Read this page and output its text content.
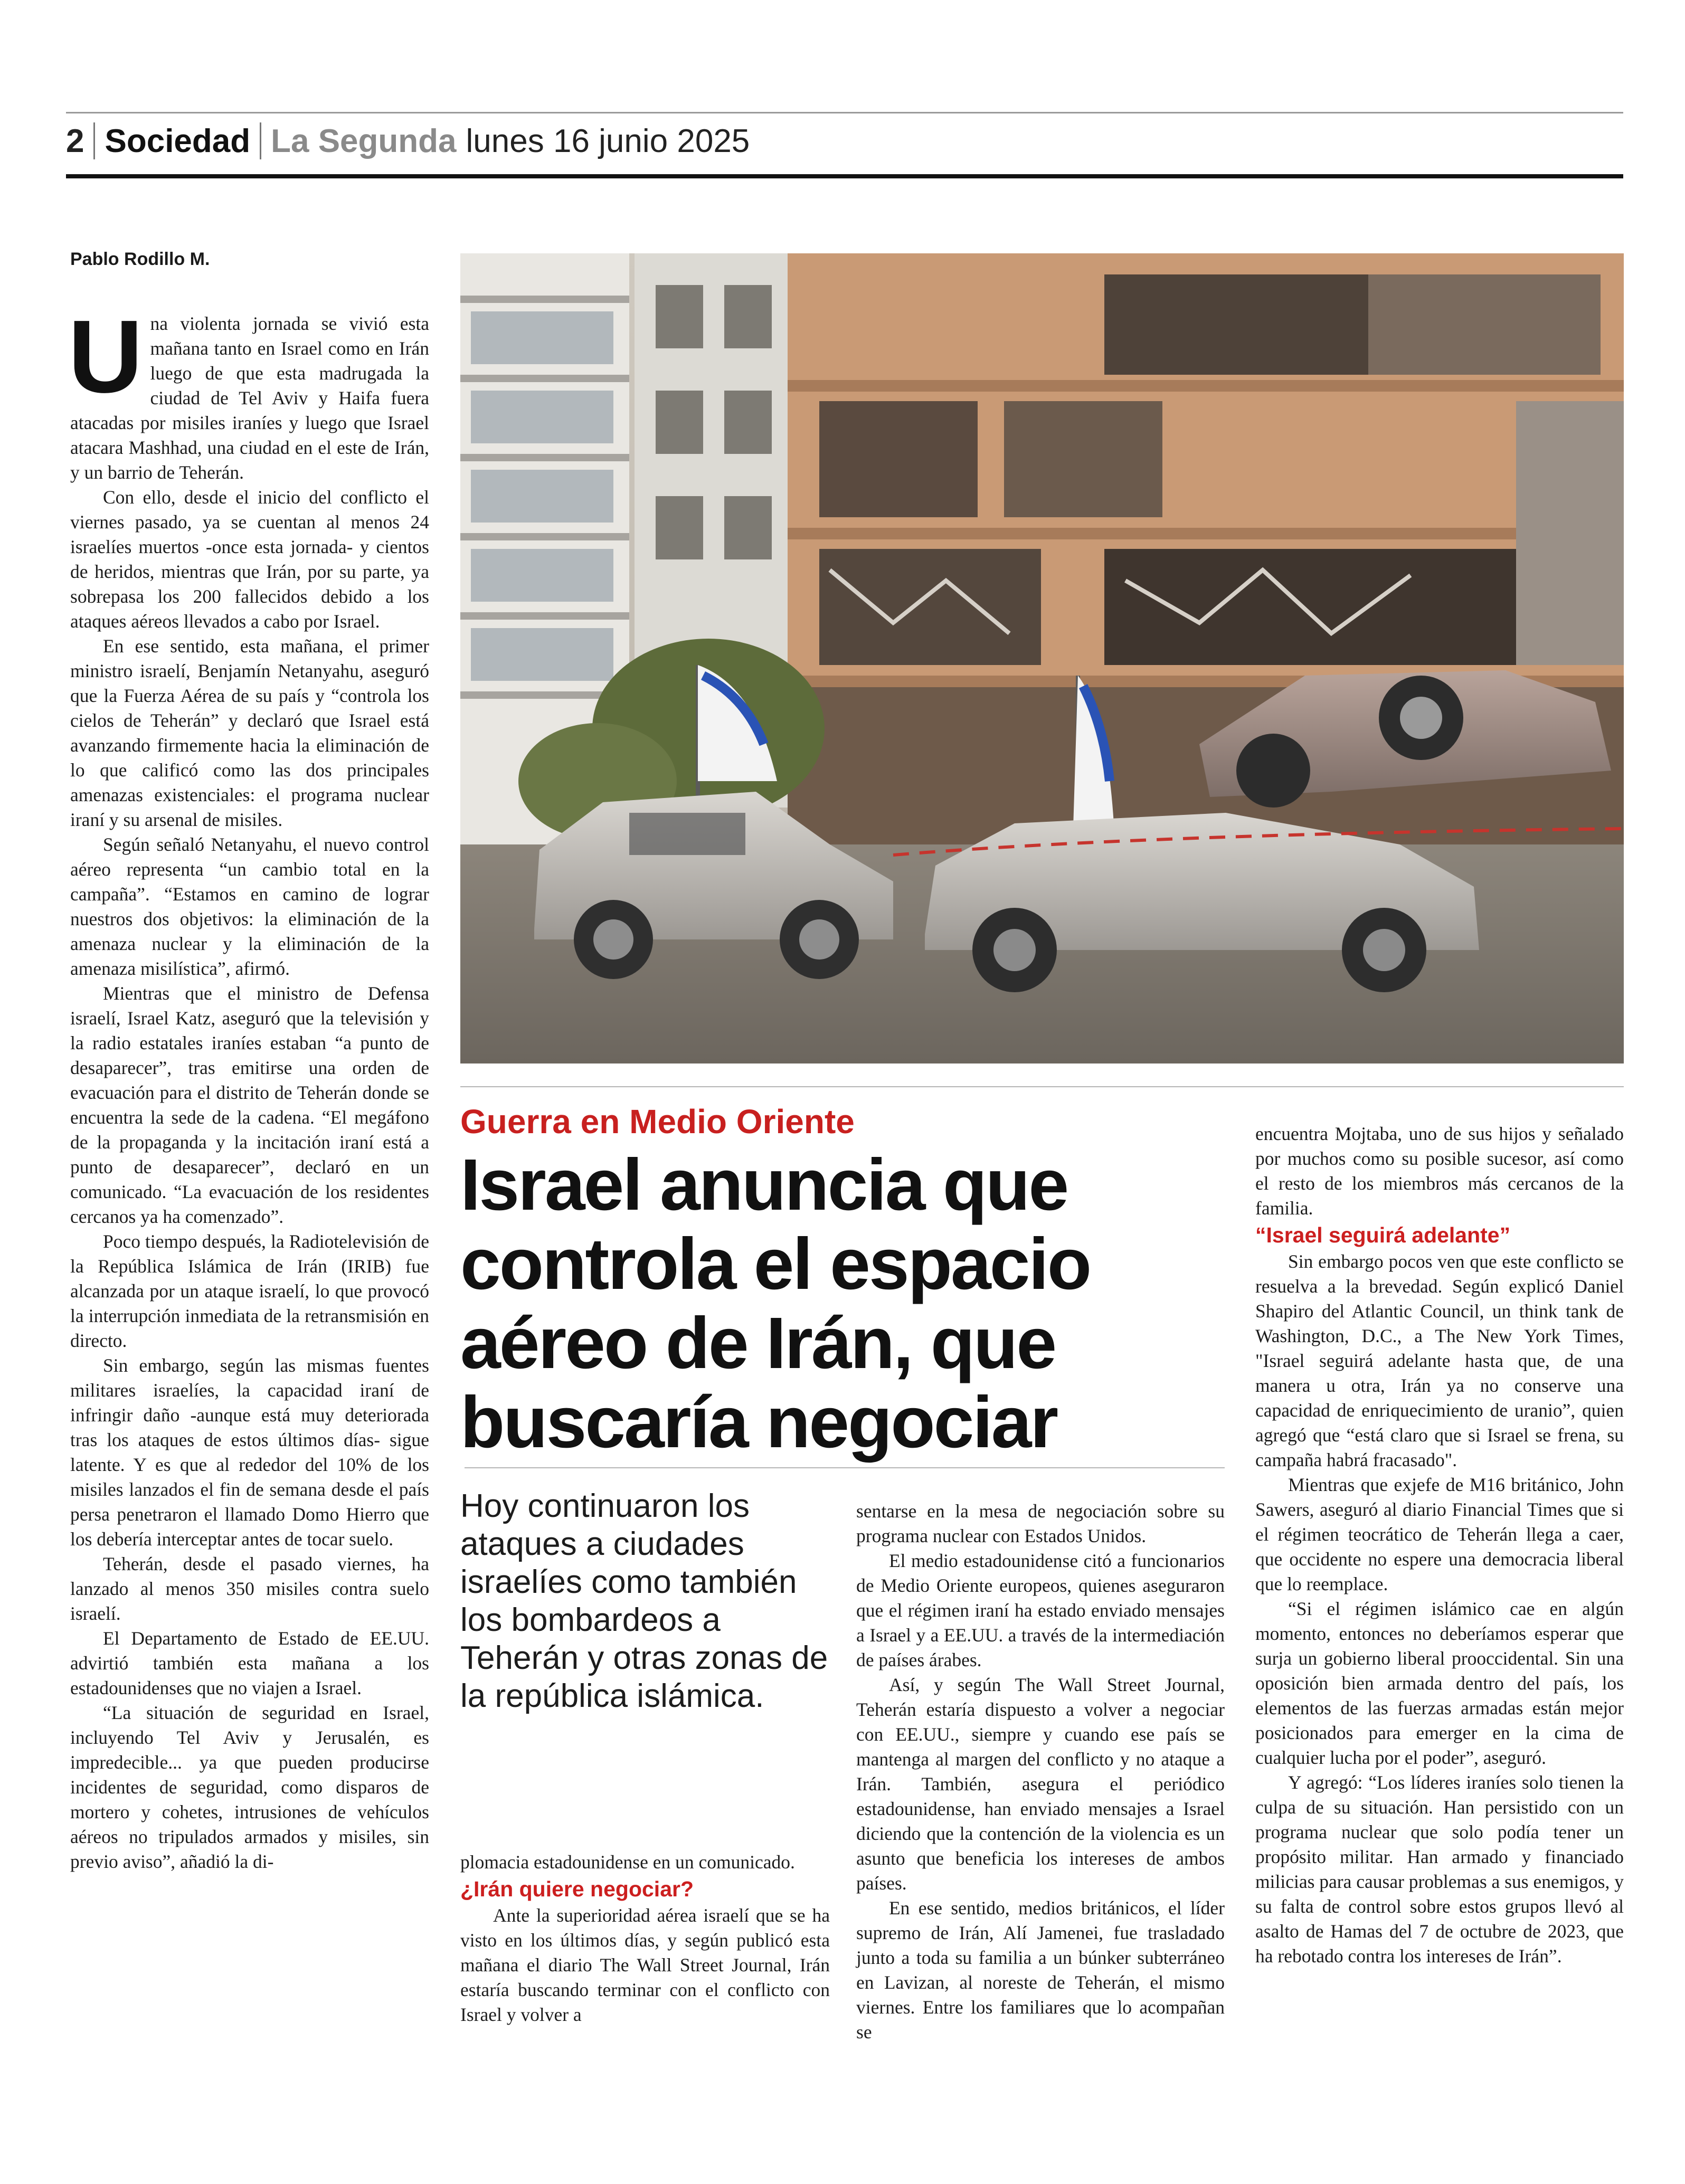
2 Sociedad La Segunda lunes 16 junio 2025
Pablo Rodillo M.

Una violenta jornada se vivió esta mañana tanto en Israel como en Irán luego de que esta madrugada la ciudad de Tel Aviv y Haifa fuera atacadas por misiles iraníes y luego que Israel atacara Mashhad, una ciudad en el este de Irán, y un barrio de Teherán.

Con ello, desde el inicio del conflicto el viernes pasado, ya se cuentan al menos 24 israelíes muertos -once esta jornada- y cientos de heridos, mientras que Irán, por su parte, ya sobrepasa los 200 fallecidos debido a los ataques aéreos llevados a cabo por Israel.

En ese sentido, esta mañana, el primer ministro israelí, Benjamín Netanyahu, aseguró que la Fuerza Aérea de su país y “controla los cielos de Teherán” y declaró que Israel está avanzando firmemente hacia la eliminación de lo que calificó como las dos principales amenazas existenciales: el programa nuclear iraní y su arsenal de misiles.

Según señaló Netanyahu, el nuevo control aéreo representa “un cambio total en la campaña”. “Estamos en camino de lograr nuestros dos objetivos: la eliminación de la amenaza nuclear y la eliminación de la amenaza misilística”, afirmó.

Mientras que el ministro de Defensa israelí, Israel Katz, aseguró que la televisión y la radio estatales iraníes estaban “a punto de desaparecer”, tras emitirse una orden de evacuación para el distrito de Teherán donde se encuentra la sede de la cadena. “El megáfono de la propaganda y la incitación iraní está a punto de desaparecer”, declaró en un comunicado. “La evacuación de los residentes cercanos ya ha comenzado”.

Poco tiempo después, la Radiotelevisión de la República Islámica de Irán (IRIB) fue alcanzada por un ataque israelí, lo que provocó la interrupción inmediata de la retransmisión en directo.

Sin embargo, según las mismas fuentes militares israelíes, la capacidad iraní de infringir daño -aunque está muy deteriorada tras los ataques de estos últimos días- sigue latente. Y es que al rededor del 10% de los misiles lanzados el fin de semana desde el país persa penetraron el llamado Domo Hierro que los debería interceptar antes de tocar suelo.

Teherán, desde el pasado viernes, ha lanzado al menos 350 misiles contra suelo israelí.

El Departamento de Estado de EE.UU. advirtió también esta mañana a los estadounidenses que no viajen a Israel.

“La situación de seguridad en Israel, incluyendo Tel Aviv y Jerusalén, es impredecible... ya que pueden producirse incidentes de seguridad, como disparos de mortero y cohetes, intrusiones de vehículos aéreos no tripulados armados y misiles, sin previo aviso”, añadió la di-

Guerra en Medio Oriente
Israel anuncia que controla el espacio aéreo de Irán, que buscaría negociar
Hoy continuaron los ataques a ciudades israelíes como también los bombardeos a Teherán y otras zonas de la república islámica.

plomacia estadounidense en un comunicado.

¿Irán quiere negociar?

Ante la superioridad aérea israelí que se ha visto en los últimos días, y según publicó esta mañana el diario The Wall Street Journal, Irán estaría buscando terminar con el conflicto con Israel y volver a

sentarse en la mesa de negociación sobre su programa nuclear con Estados Unidos.

El medio estadounidense citó a funcionarios de Medio Oriente europeos, quienes aseguraron que el régimen iraní ha estado enviado mensajes a Israel y a EE.UU. a través de la intermediación de países árabes.

Así, y según The Wall Street Journal, Teherán estaría dispuesto a volver a negociar con EE.UU., siempre y cuando ese país se mantenga al margen del conflicto y no ataque a Irán. También, asegura el periódico estadounidense, han enviado mensajes a Israel diciendo que la contención de la violencia es un asunto que beneficia los intereses de ambos países.

En ese sentido, medios británicos, el líder supremo de Irán, Alí Jamenei, fue trasladado junto a toda su familia a un búnker subterráneo en Lavizan, al noreste de Teherán, el mismo viernes. Entre los familiares que lo acompañan se

encuentra Mojtaba, uno de sus hijos y señalado por muchos como su posible sucesor, así como el resto de los miembros más cercanos de la familia.

“Israel seguirá adelante”

Sin embargo pocos ven que este conflicto se resuelva a la brevedad. Según explicó Daniel Shapiro del Atlantic Council, un think tank de Washington, D.C., a The New York Times, "Israel seguirá adelante hasta que, de una manera u otra, Irán ya no conserve una capacidad de enriquecimiento de uranio”, quien agregó que “está claro que si Israel se frena, su campaña habrá fracasado".

Mientras que exjefe de M16 británico, John Sawers, aseguró al diario Financial Times que si el régimen teocrático de Teherán llega a caer, que occidente no espere una democracia liberal que lo reemplace.

“Si el régimen islámico cae en algún momento, entonces no deberíamos esperar que surja un gobierno liberal prooccidental. Sin una oposición bien armada dentro del país, los elementos de las fuerzas armadas están mejor posicionados para emerger en la cima de cualquier lucha por el poder”, aseguró.

Y agregó: “Los líderes iraníes solo tienen la culpa de su situación. Han persistido con un programa nuclear que solo podía tener un propósito militar. Han armado y financiado milicias para causar problemas a sus enemigos, y su falta de control sobre estos grupos llevó al asalto de Hamas del 7 de octubre de 2023, que ha rebotado contra los intereses de Irán”.
